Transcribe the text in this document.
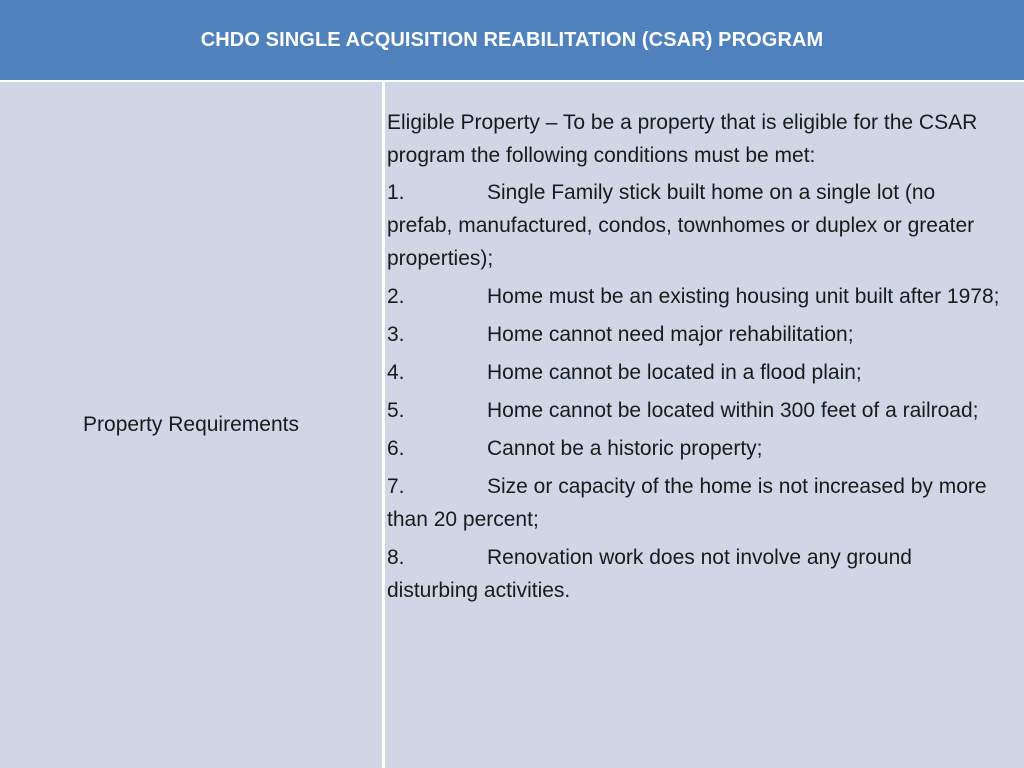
CHDO SINGLE ACQUISITION REABILITATION (CSAR) PROGRAM
Property Requirements

Eligible Property – To be a property that is eligible for the CSAR program the following conditions must be met:

1.	Single Family stick built home on a single lot (no prefab, manufactured, condos, townhomes or duplex or greater properties);
2.	Home must be an existing housing unit built after 1978;
3.	Home cannot need major rehabilitation;
4.	Home cannot be located in a flood plain;
5.	Home cannot be located within 300 feet of a railroad;
6.	Cannot be a historic property;
7.	Size or capacity of the home is not increased by more than 20 percent;
8.	Renovation work does not involve any ground disturbing activities.
